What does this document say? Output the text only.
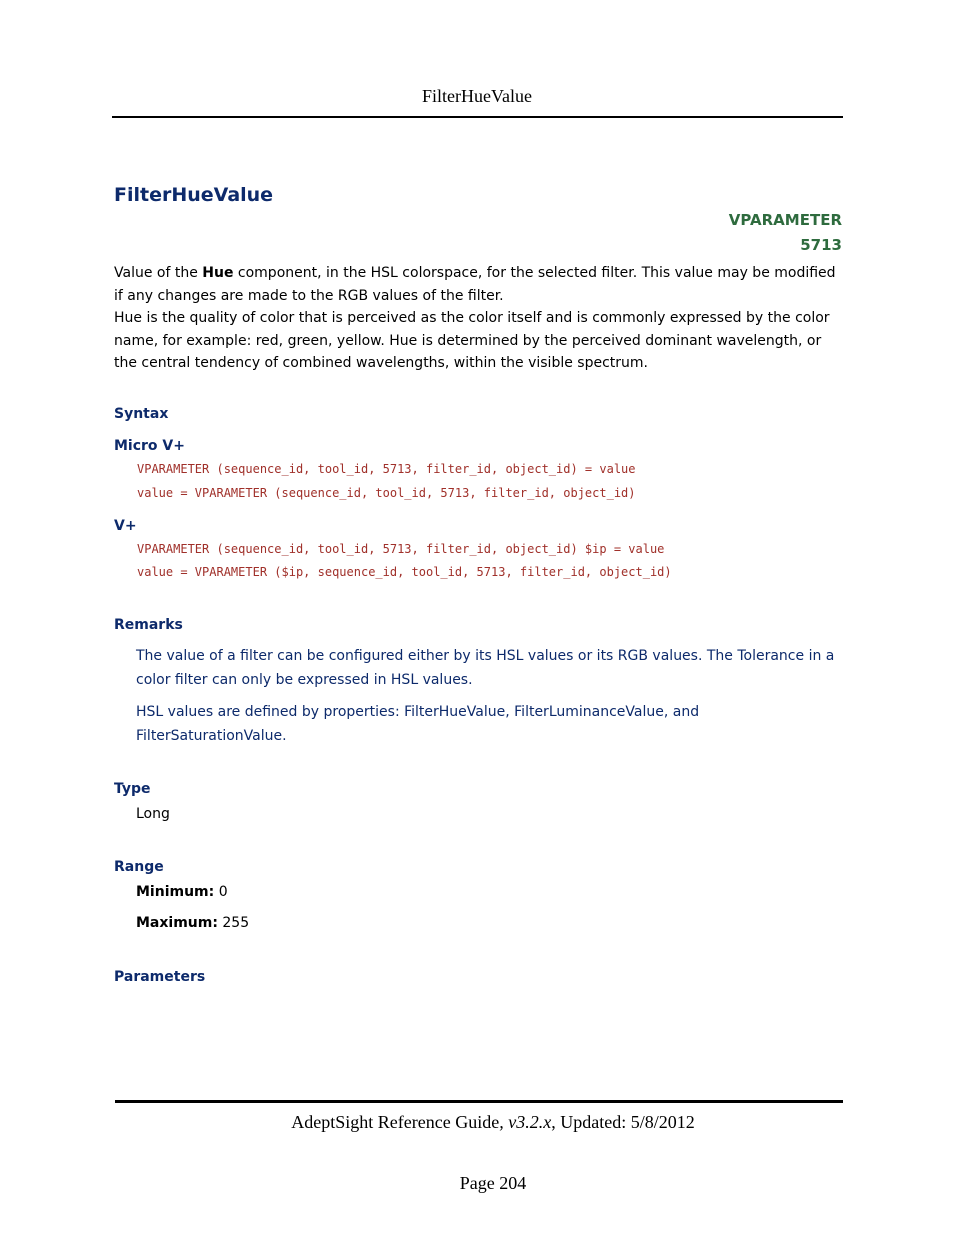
FilterHueValue
FilterHueValue
VPARAMETER
5713

Value of the Hue component, in the HSL colorspace, for the selected filter. This value may be modified if any changes are made to the RGB values of the filter.

Hue is the quality of color that is perceived as the color itself and is commonly expressed by the color name, for example: red, green, yellow. Hue is determined by the perceived dominant wavelength, or the central tendency of combined wavelengths, within the visible spectrum.

Syntax
Micro V+
VPARAMETER (sequence_id, tool_id, 5713, filter_id, object_id) = value
value = VPARAMETER (sequence_id, tool_id, 5713, filter_id, object_id)
V+
VPARAMETER (sequence_id, tool_id, 5713, filter_id, object_id) $ip = value
value = VPARAMETER ($ip, sequence_id, tool_id, 5713, filter_id, object_id)
Remarks
The value of a filter can be configured either by its HSL values or its RGB values. The Tolerance in a color filter can only be expressed in HSL values.
HSL values are defined by properties: FilterHueValue, FilterLuminanceValue, and FilterSaturationValue.
Type
Long
Range
Minimum: 0
Maximum: 255
Parameters
AdeptSight Reference Guide, v3.2.x, Updated: 5/8/2012
Page 204
